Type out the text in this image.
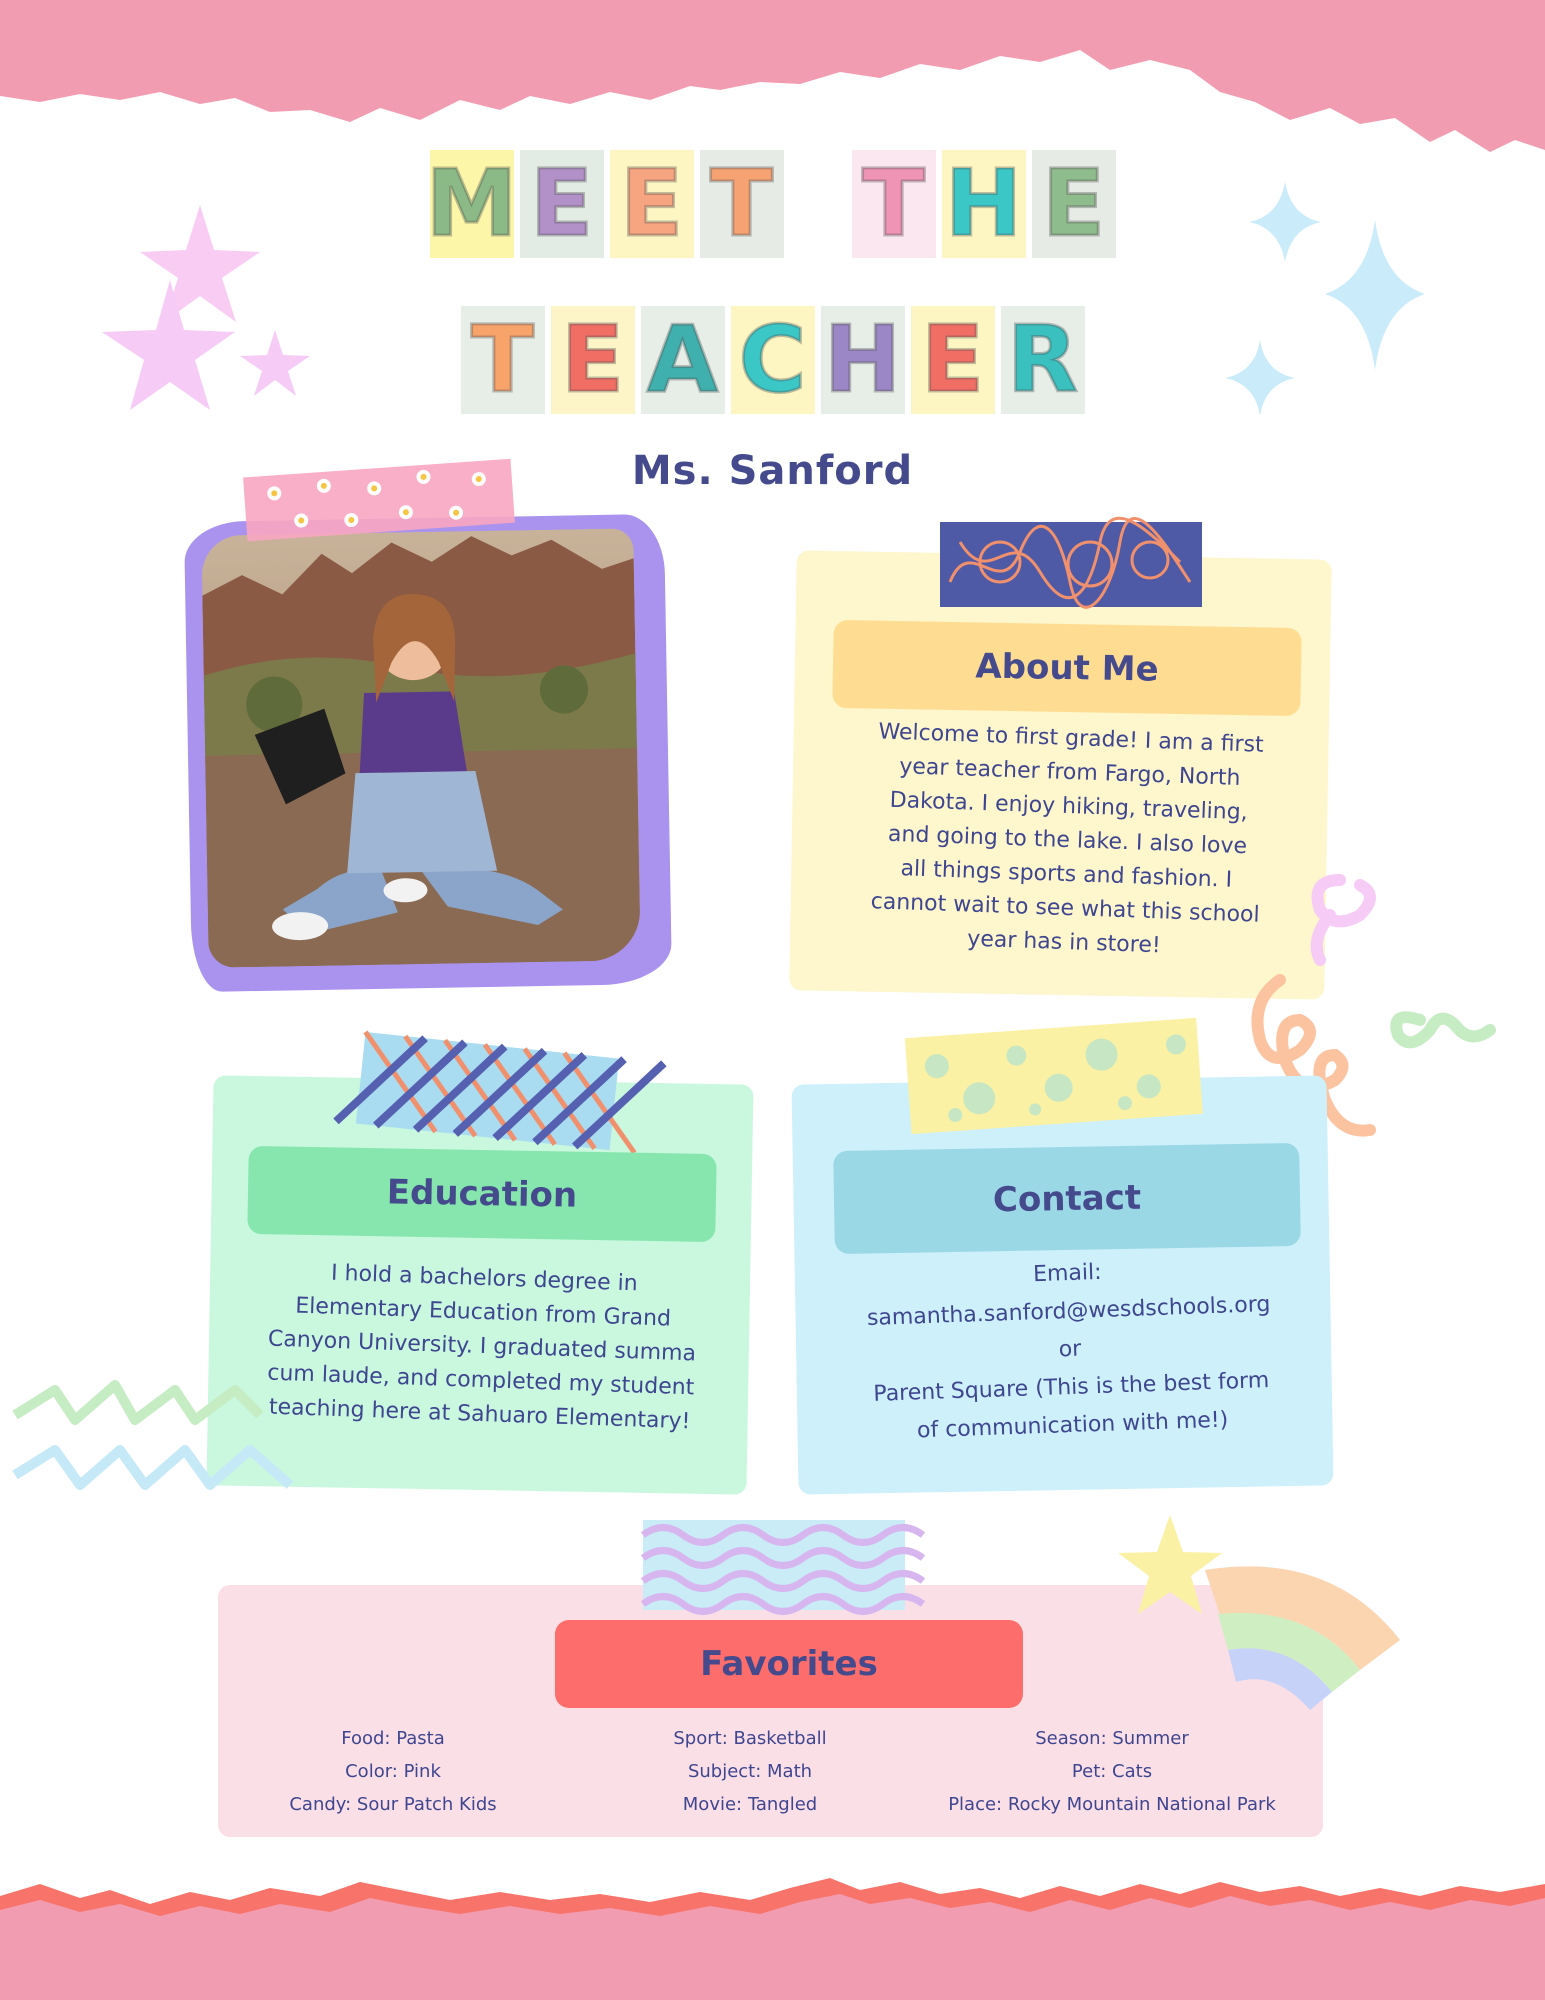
M E E T T H E
T E A C H E R
Ms. Sanford
About Me
Welcome to first grade! I am a first
year teacher from Fargo, North
Dakota. I enjoy hiking, traveling,
and going to the lake. I also love
all things sports and fashion. I
cannot wait to see what this school
year has in store!
Education
I hold a bachelors degree in
Elementary Education from Grand
Canyon University. I graduated summa
cum laude, and completed my student
teaching here at Sahuaro Elementary!
Contact
Email:
samantha.sanford@wesdschools.org
or
Parent Square (This is the best form
of communication with me!)
Favorites
Food: Pasta
Color: Pink
Candy: Sour Patch Kids
Sport: Basketball
Subject: Math
Movie: Tangled
Season: Summer
Pet: Cats
Place: Rocky Mountain National Park
